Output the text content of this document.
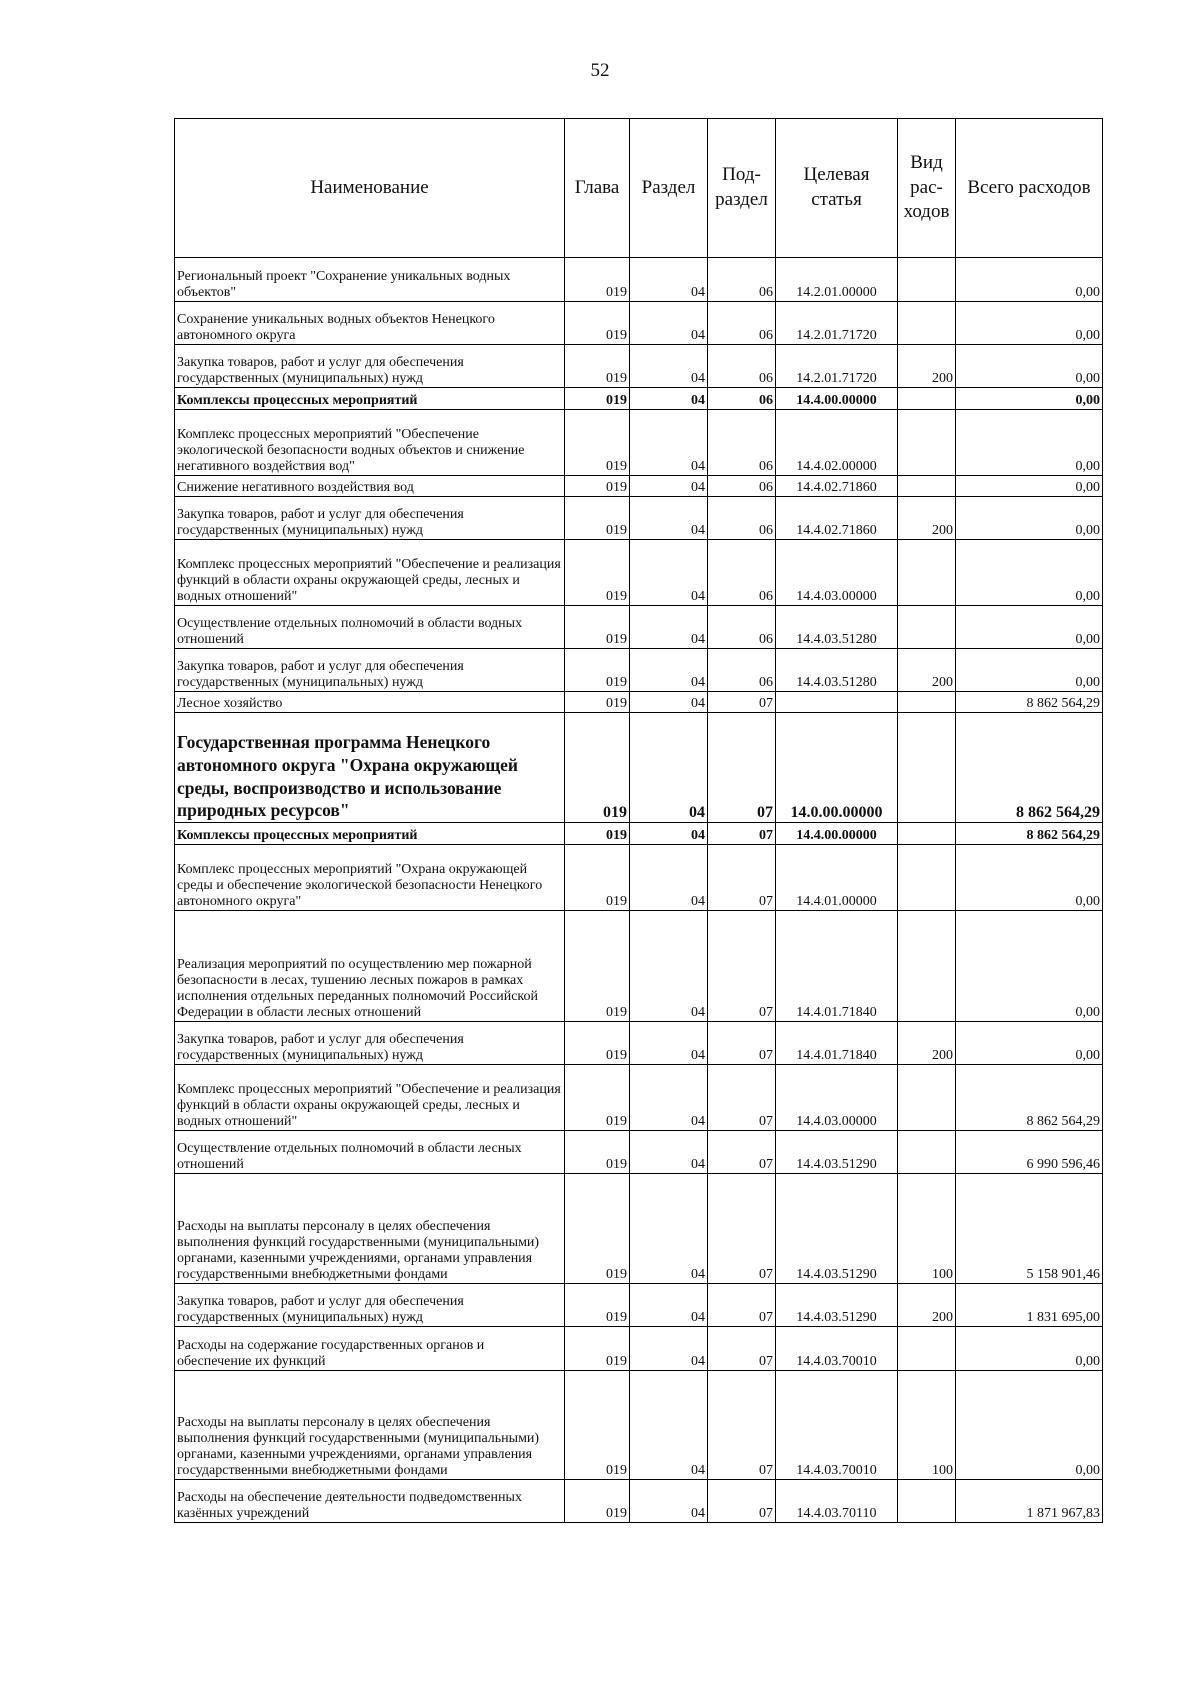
52
Наименование	Глава	Раздел	Под-раздел	Целевая статья	Вид рас-ходов	Всего расходов
Региональный проект "Сохранение уникальных водных объектов"	019	04	06	14.2.01.00000		0,00
Сохранение уникальных водных объектов Ненецкого автономного округа	019	04	06	14.2.01.71720		0,00
Закупка товаров, работ и услуг для обеспечения государственных (муниципальных) нужд	019	04	06	14.2.01.71720	200	0,00
Комплексы процессных мероприятий	019	04	06	14.4.00.00000		0,00
Комплекс процессных мероприятий "Обеспечение экологической безопасности водных объектов и снижение негативного воздействия вод"	019	04	06	14.4.02.00000		0,00
Снижение негативного воздействия вод	019	04	06	14.4.02.71860		0,00
Закупка товаров, работ и услуг для обеспечения государственных (муниципальных) нужд	019	04	06	14.4.02.71860	200	0,00
Комплекс процессных мероприятий "Обеспечение и реализация функций в области охраны окружающей среды, лесных и водных отношений"	019	04	06	14.4.03.00000		0,00
Осуществление отдельных полномочий в области водных отношений	019	04	06	14.4.03.51280		0,00
Закупка товаров, работ и услуг для обеспечения государственных (муниципальных) нужд	019	04	06	14.4.03.51280	200	0,00
Лесное хозяйство	019	04	07			8 862 564,29
Государственная программа Ненецкого автономного округа "Охрана окружающей среды, воспроизводство и использование природных ресурсов"	019	04	07	14.0.00.00000		8 862 564,29
Комплексы процессных мероприятий	019	04	07	14.4.00.00000		8 862 564,29
Комплекс процессных мероприятий "Охрана окружающей среды и обеспечение экологической безопасности Ненецкого автономного округа"	019	04	07	14.4.01.00000		0,00
Реализация мероприятий по осуществлению мер пожарной безопасности в лесах, тушению лесных пожаров в рамках исполнения отдельных переданных полномочий Российской Федерации в области лесных отношений	019	04	07	14.4.01.71840		0,00
Закупка товаров, работ и услуг для обеспечения государственных (муниципальных) нужд	019	04	07	14.4.01.71840	200	0,00
Комплекс процессных мероприятий "Обеспечение и реализация функций в области охраны окружающей среды, лесных и водных отношений"	019	04	07	14.4.03.00000		8 862 564,29
Осуществление отдельных полномочий в области лесных отношений	019	04	07	14.4.03.51290		6 990 596,46
Расходы на выплаты персоналу в целях обеспечения выполнения функций государственными (муниципальными) органами, казенными учреждениями, органами управления государственными внебюджетными фондами	019	04	07	14.4.03.51290	100	5 158 901,46
Закупка товаров, работ и услуг для обеспечения государственных (муниципальных) нужд	019	04	07	14.4.03.51290	200	1 831 695,00
Расходы на содержание государственных органов и обеспечение их функций	019	04	07	14.4.03.70010		0,00
Расходы на выплаты персоналу в целях обеспечения выполнения функций государственными (муниципальными) органами, казенными учреждениями, органами управления государственными внебюджетными фондами	019	04	07	14.4.03.70010	100	0,00
Расходы на обеспечение деятельности подведомственных казённых учреждений	019	04	07	14.4.03.70110		1 871 967,83
